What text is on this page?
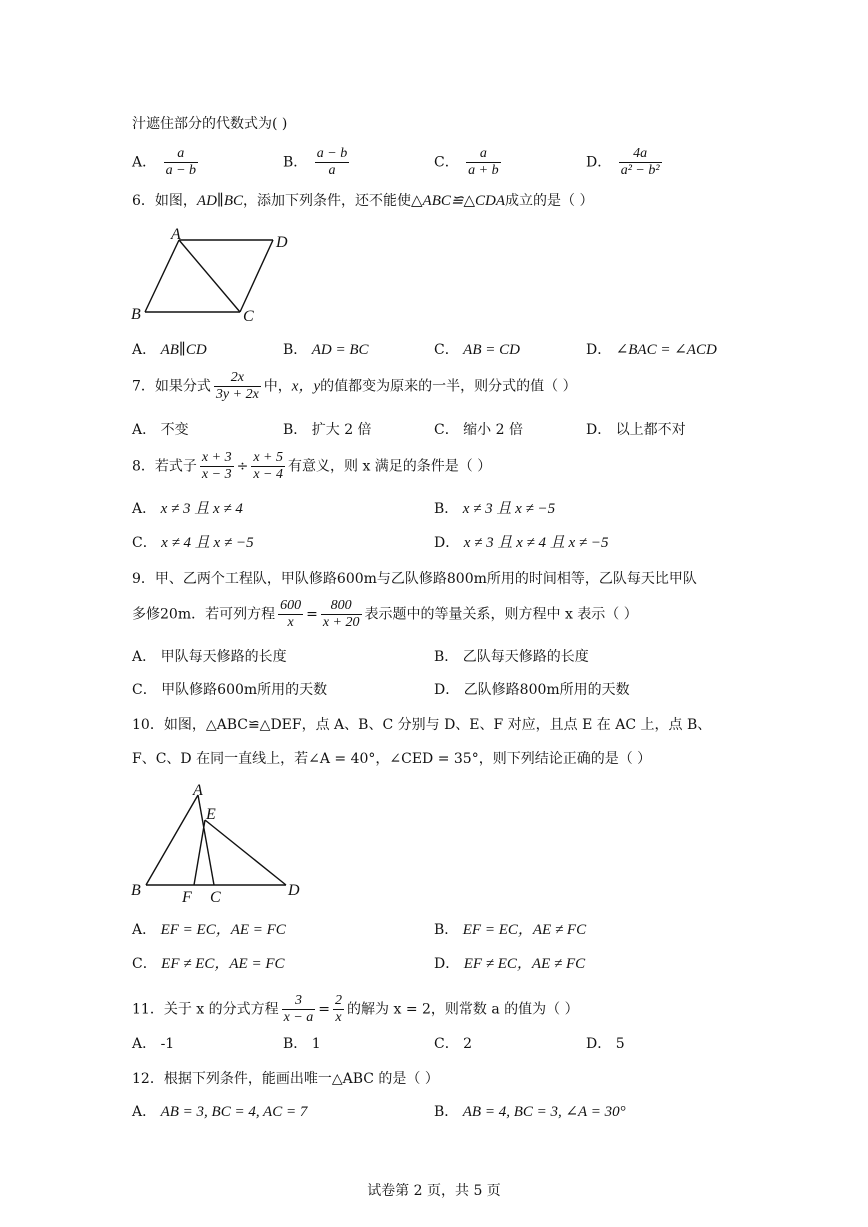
汁遮住部分的代数式为( )
A． $\frac{a}{a - b}$	B． $\frac{a - b}{a}$	C． $\frac{a}{a + b}$	D． $\frac{4a}{\text{a² − b²}}$
6．如图，AD∥BC，添加下列条件，还不能使△ABC≌△CDA成立的是（ ）
A	D
B	C
A． AB∥CD	B． AD = BC	C． AB = CD	D． ∠BAC = ∠ACD
7．如果分式 $\frac{2x}{3y + 2x}$ 中，x，y的值都变为原来的一半，则分式的值（ ）
A． 不变	B． 扩大 2 倍	C． 缩小 2 倍	D． 以上都不对
8．若式子 $\frac{x + 3}{x - 3} \div \frac{x + 5}{x - 4}$ 有意义，则 x 满足的条件是（ ）
A． x ≠ 3 且 x ≠ 4	B． x ≠ 3 且 x ≠ −5
C． x ≠ 4 且 x ≠ −5	D． x ≠ 3 且 x ≠ 4 且 x ≠ −5
9．甲、乙两个工程队，甲队修路600m与乙队修路800m所用的时间相等，乙队每天比甲队
多修20m．若可列方程 $\frac{600}{x} = \frac{800}{x + 20}$ 表示题中的等量关系，则方程中 x 表示（ ）
A． 甲队每天修路的长度	B． 乙队每天修路的长度
C． 甲队修路600m所用的天数	D． 乙队修路800m所用的天数
10．如图，△ABC≌△DEF，点 A、B、C 分别与 D、E、F 对应，且点 E 在 AC 上，点 B、
F、C、D 在同一直线上，若∠A = 40°，∠CED = 35°，则下列结论正确的是（ ）
A
E
B	F C	D
A． EF = EC，AE = FC	B． EF = EC，AE ≠ FC
C． EF ≠ EC，AE = FC	D． EF ≠ EC，AE ≠ FC
11．关于 x 的分式方程 $\frac{3}{x - a} = \frac{2}{x}$ 的解为 x = 2，则常数 a 的值为（ ）
A． -1	B． 1	C． 2	D． 5
12．根据下列条件，能画出唯一△ABC 的是（ ）
A． AB = 3, BC = 4, AC = 7	B． AB = 4, BC = 3, ∠A = 30°
试卷第 2 页，共 5 页
